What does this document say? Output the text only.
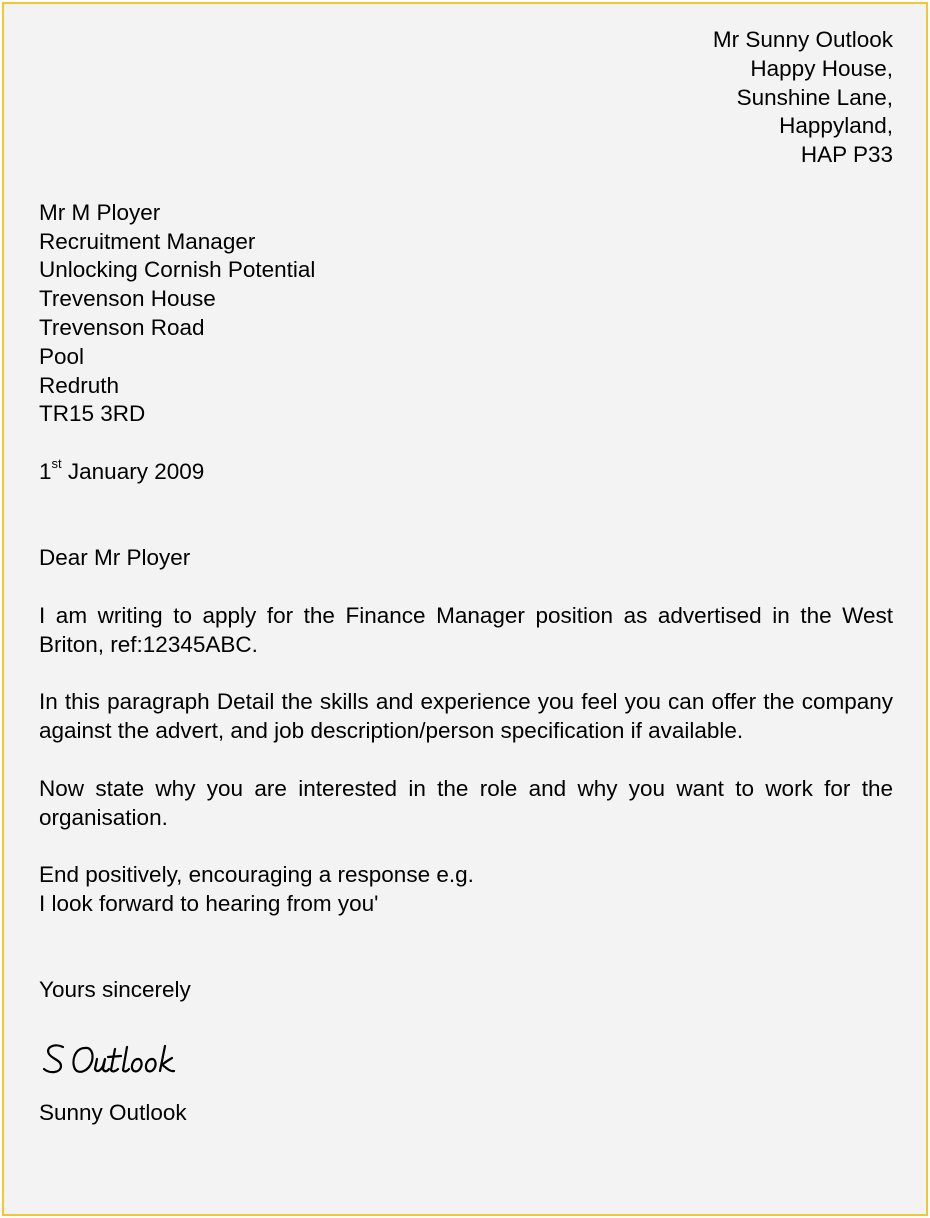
Mr Sunny Outlook
Happy House,
Sunshine Lane,
Happyland,
HAP P33
Mr M Ployer
Recruitment Manager
Unlocking Cornish Potential
Trevenson House
Trevenson Road
Pool
Redruth
TR15 3RD
1st January 2009
Dear Mr Ployer
I am writing to apply for the Finance Manager position as advertised in the West Briton, ref:12345ABC.
In this paragraph Detail the skills and experience you feel you can offer the company against the advert, and job description/person specification if available.
Now state why you are interested in the role and why you want to work for the organisation.
End positively, encouraging a response e.g.
I look forward to hearing from you'
Yours sincerely
Sunny Outlook
